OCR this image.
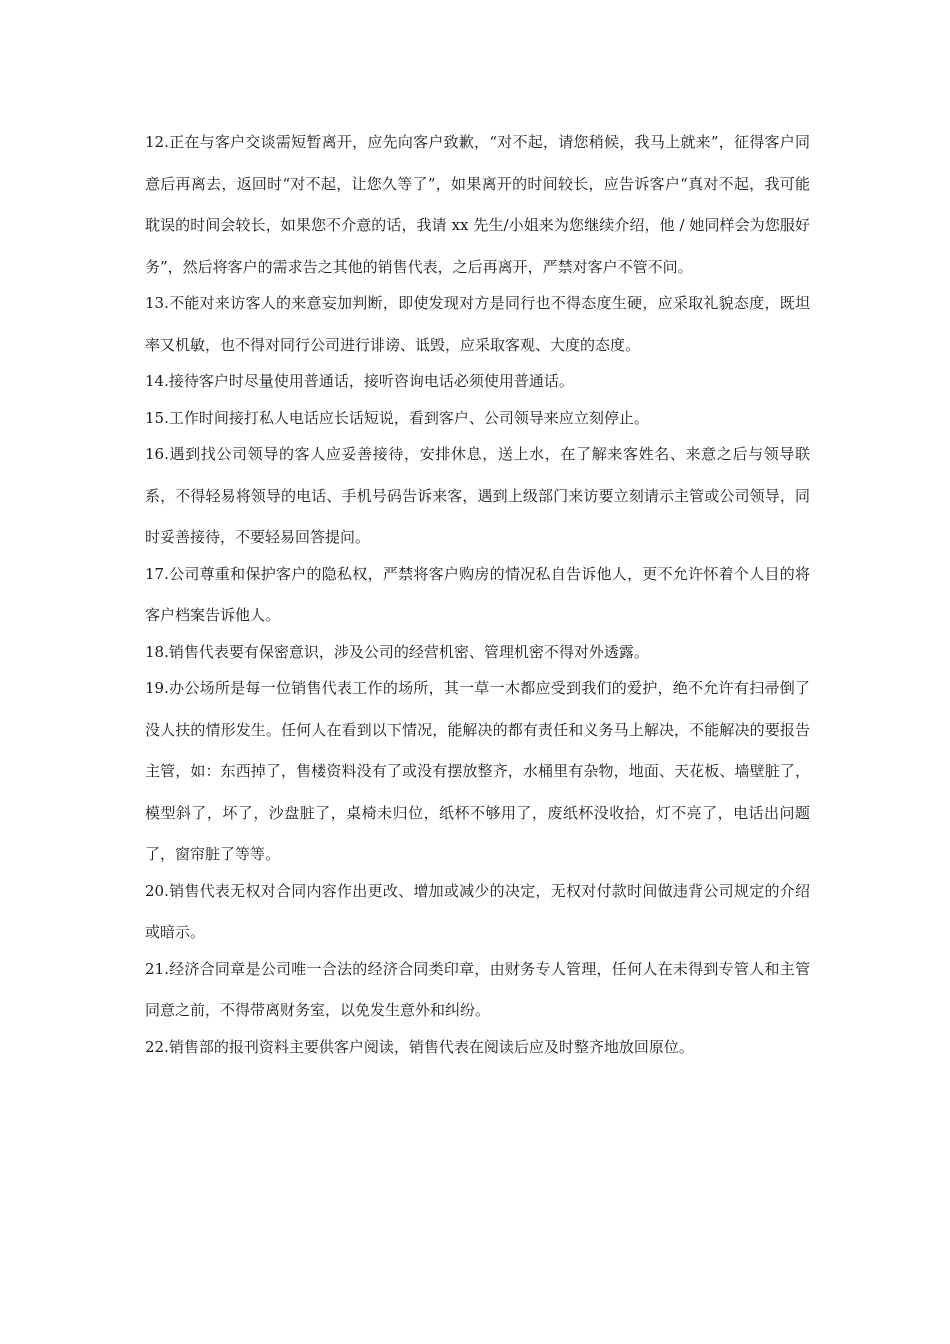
12.正在与客户交谈需短暂离开，应先向客户致歉，“对不起，请您稍候，我马上就来”，征得客户同意后再离去，返回时“对不起，让您久等了”，如果离开的时间较长，应告诉客户“真对不起，我可能耽误的时间会较长，如果您不介意的话，我请 xx 先生/小姐来为您继续介绍，他 / 她同样会为您服好务”，然后将客户的需求告之其他的销售代表，之后再离开，严禁对客户不管不问。

13.不能对来访客人的来意妄加判断，即使发现对方是同行也不得态度生硬，应采取礼貌态度，既坦率又机敏，也不得对同行公司进行诽谤、诋毁，应采取客观、大度的态度。

14.接待客户时尽量使用普通话，接听咨询电话必须使用普通话。

15.工作时间接打私人电话应长话短说，看到客户、公司领导来应立刻停止。

16.遇到找公司领导的客人应妥善接待，安排休息，送上水，在了解来客姓名、来意之后与领导联系，不得轻易将领导的电话、手机号码告诉来客，遇到上级部门来访要立刻请示主管或公司领导，同时妥善接待，不要轻易回答提问。

17.公司尊重和保护客户的隐私权，严禁将客户购房的情况私自告诉他人，更不允许怀着个人目的将客户档案告诉他人。

18.销售代表要有保密意识，涉及公司的经营机密、管理机密不得对外透露。

19.办公场所是每一位销售代表工作的场所，其一草一木都应受到我们的爱护，绝不允许有扫帚倒了没人扶的情形发生。任何人在看到以下情况，能解决的都有责任和义务马上解决，不能解决的要报告主管，如：东西掉了，售楼资料没有了或没有摆放整齐，水桶里有杂物，地面、天花板、墙壁脏了，模型斜了，坏了，沙盘脏了，桌椅未归位，纸杯不够用了，废纸杯没收拾，灯不亮了，电话出问题了，窗帘脏了等等。

20.销售代表无权对合同内容作出更改、增加或减少的决定，无权对付款时间做违背公司规定的介绍或暗示。

21.经济合同章是公司唯一合法的经济合同类印章，由财务专人管理，任何人在未得到专管人和主管同意之前，不得带离财务室，以免发生意外和纠纷。

22.销售部的报刊资料主要供客户阅读，销售代表在阅读后应及时整齐地放回原位。
